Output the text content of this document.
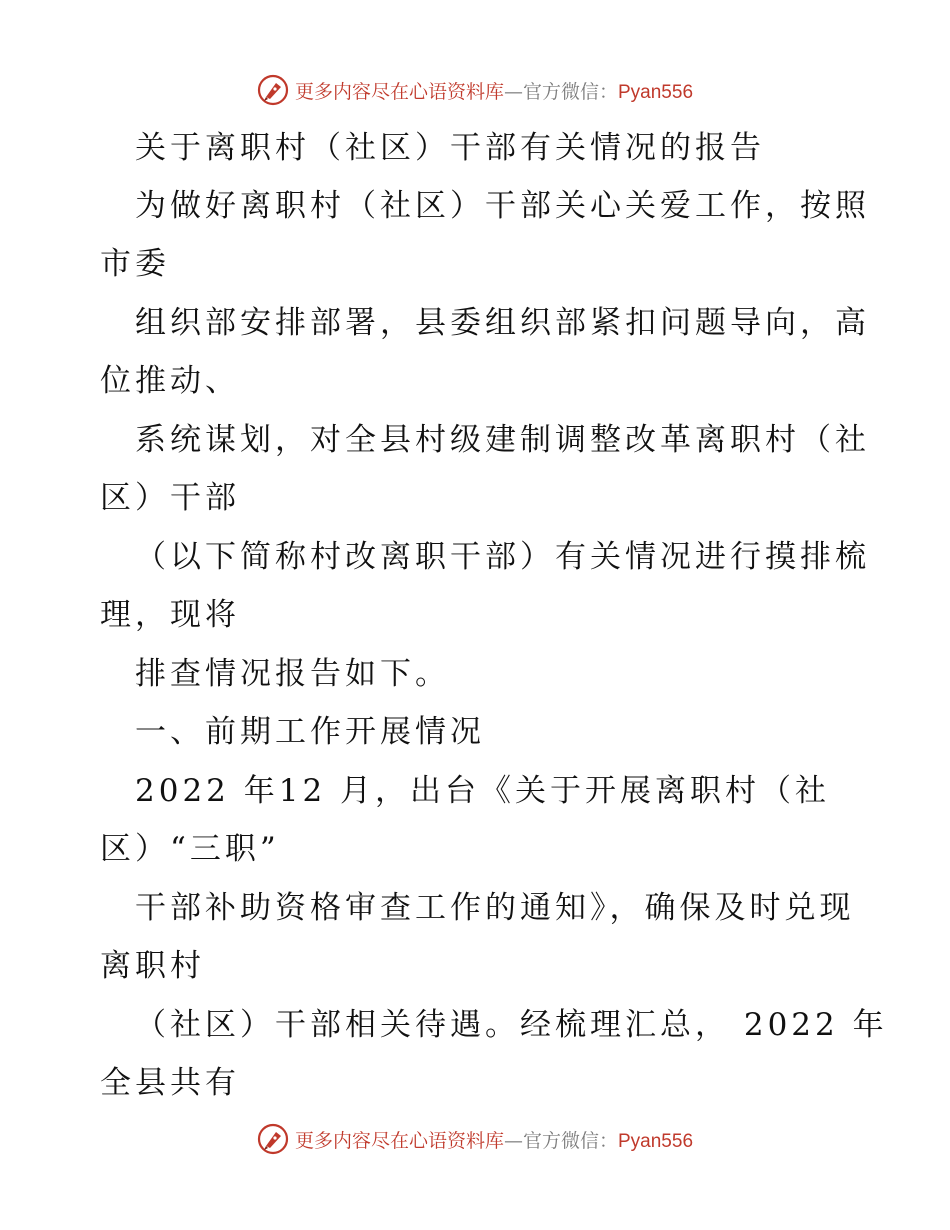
更多内容尽在心语资料库—官方微信：Pyan556
关于离职村（社区）干部有关情况的报告
为做好离职村（社区）干部关心关爱工作，按照
市委
组织部安排部署，县委组织部紧扣问题导向，高
位推动、
系统谋划，对全县村级建制调整改革离职村（社
区）干部
（以下简称村改离职干部）有关情况进行摸排梳
理，现将
排查情况报告如下。
一、前期工作开展情况
2022 年12 月，出台《关于开展离职村（社
区）“三职”
干部补助资格审查工作的通知》，确保及时兑现
离职村
（社区）干部相关待遇。经梳理汇总， 2022 年
全县共有
更多内容尽在心语资料库—官方微信：Pyan556
